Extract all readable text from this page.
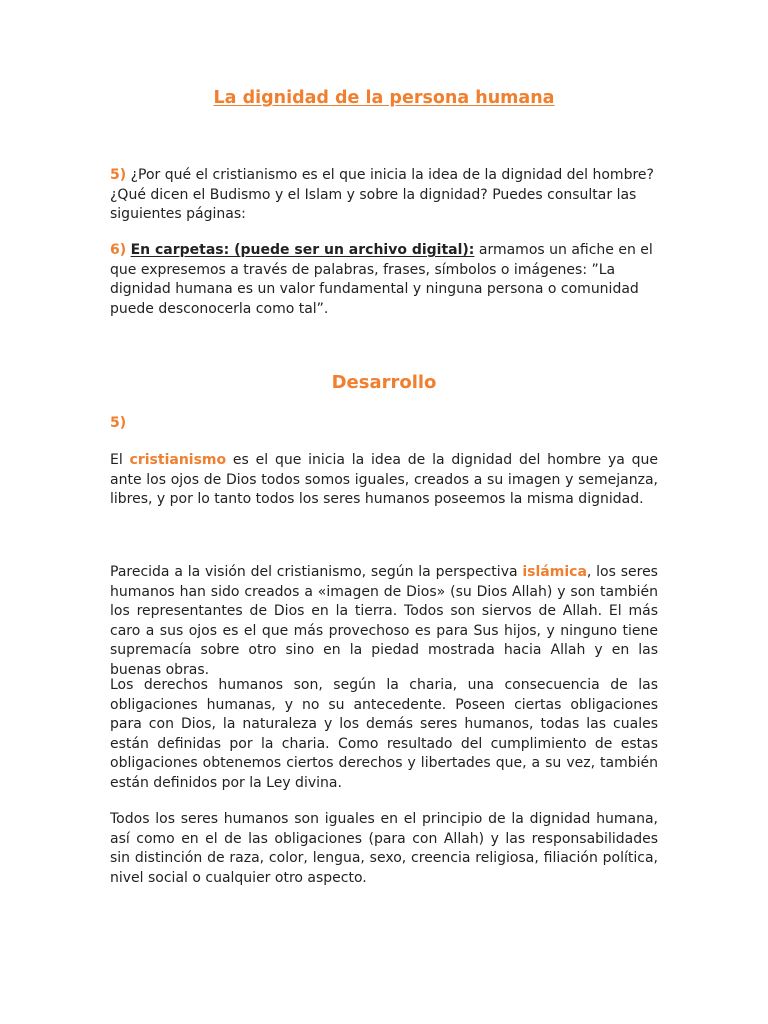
La dignidad de la persona humana

5) ¿Por qué el cristianismo es el que inicia la idea de la dignidad del hombre? ¿Qué dicen el Budismo y el Islam y sobre la dignidad? Puedes consultar las siguientes páginas:

6) En carpetas: (puede ser un archivo digital): armamos un afiche en el que expresemos a través de palabras, frases, símbolos o imágenes: ”La dignidad humana es un valor fundamental y ninguna persona o comunidad puede desconocerla como tal”.

Desarrollo

5)

El cristianismo es el que inicia la idea de la dignidad del hombre ya que ante los ojos de Dios todos somos iguales, creados a su imagen y semejanza, libres, y por lo tanto todos los seres humanos poseemos la misma dignidad.

Parecida a la visión del cristianismo, según la perspectiva islámica, los seres humanos han sido creados a «imagen de Dios» (su Dios Allah) y son también los representantes de Dios en la tierra. Todos son siervos de Allah. El más caro a sus ojos es el que más provechoso es para Sus hijos, y ninguno tiene supremacía sobre otro sino en la piedad mostrada hacia Allah y en las buenas obras.

Los derechos humanos son, según la charia, una consecuencia de las obligaciones humanas, y no su antecedente. Poseen ciertas obligaciones para con Dios, la naturaleza y los demás seres humanos, todas las cuales están definidas por la charia. Como resultado del cumplimiento de estas obligaciones obtenemos ciertos derechos y libertades que, a su vez, también están definidos por la Ley divina.

Todos los seres humanos son iguales en el principio de la dignidad humana, así como en el de las obligaciones (para con Allah) y las responsabilidades sin distinción de raza, color, lengua, sexo, creencia religiosa, filiación política, nivel social o cualquier otro aspecto.
